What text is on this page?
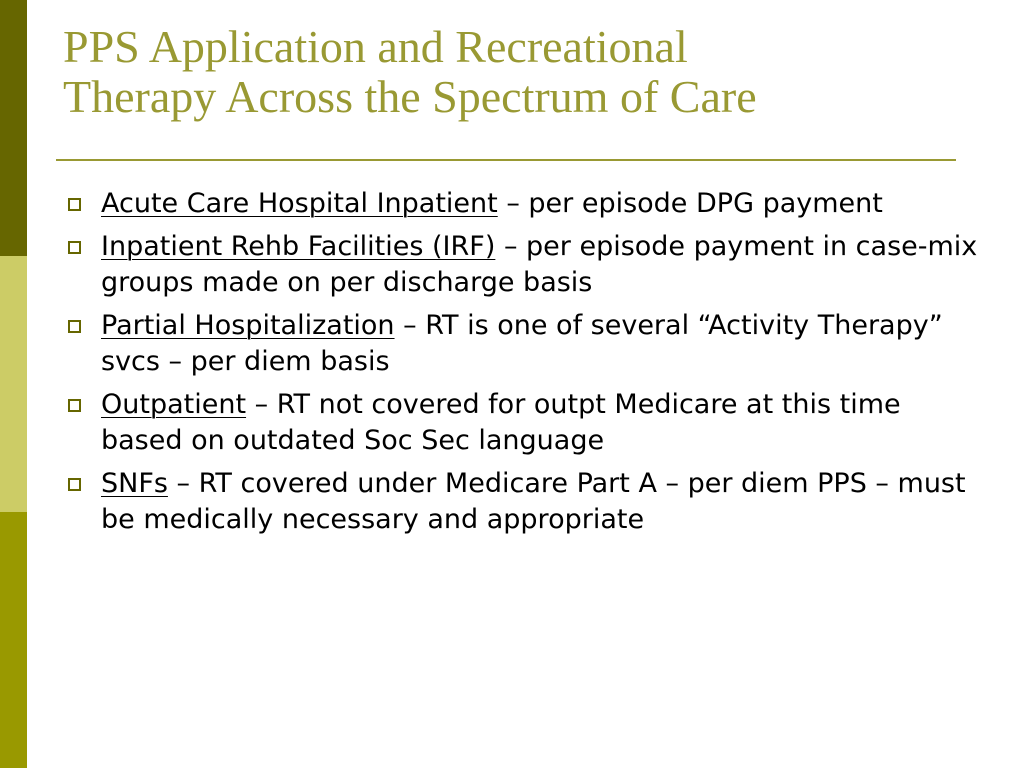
PPS Application and Recreational
Therapy Across the Spectrum of Care
Acute Care Hospital Inpatient – per episode DPG payment
Inpatient Rehb Facilities (IRF) – per episode payment in case-mix groups made on per discharge basis
Partial Hospitalization – RT is one of several “Activity Therapy” svcs – per diem basis
Outpatient – RT not covered for outpt Medicare at this time based on outdated Soc Sec language
SNFs – RT covered under Medicare Part A – per diem PPS – must be medically necessary and appropriate
